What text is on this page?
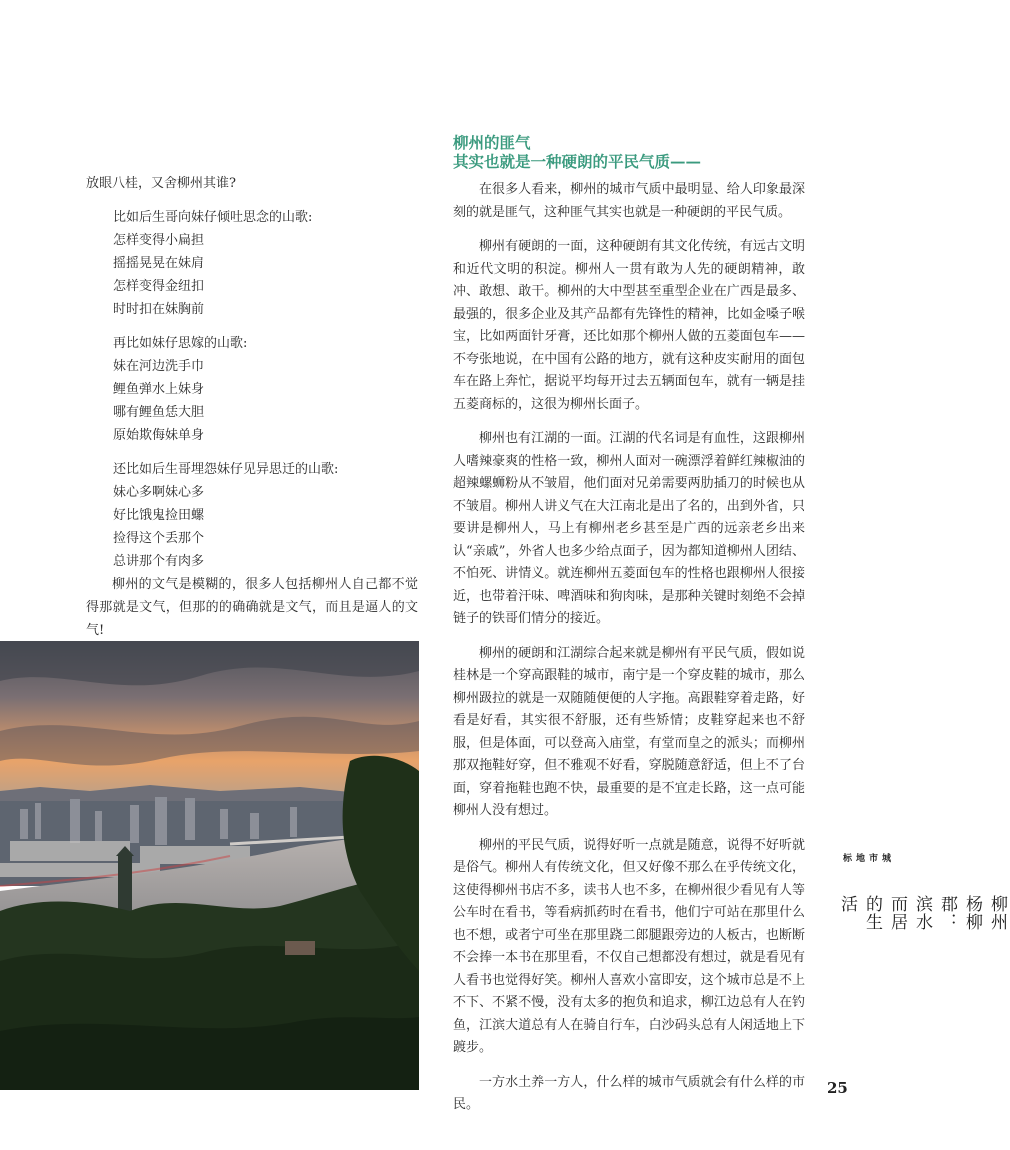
放眼八桂，又舍柳州其谁?

比如后生哥向妹仔倾吐思念的山歌:

怎样变得小扁担
摇摇晃晃在妹肩
怎样变得金纽扣
时时扣在妹胸前

再比如妹仔思嫁的山歌:

妹在河边洗手巾
鲤鱼弹水上妹身
哪有鲤鱼恁大胆
原始欺侮妹单身

还比如后生哥埋怨妹仔见异思迁的山歌:

妹心多啊妹心多
好比饿鬼捡田螺
捡得这个丢那个
总讲那个有肉多

柳州的文气是模糊的，很多人包括柳州人自己都不觉得那就是文气，但那的的确确就是文气，而且是逼人的文气!

柳州的匪气
其实也就是一种硬朗的平民气质——

在很多人看来，柳州的城市气质中最明显、给人印象最深刻的就是匪气，这种匪气其实也就是一种硬朗的平民气质。

柳州有硬朗的一面，这种硬朗有其文化传统，有远古文明和近代文明的积淀。柳州人一贯有敢为人先的硬朗精神，敢冲、敢想、敢干。柳州的大中型甚至重型企业在广西是最多、最强的，很多企业及其产品都有先锋性的精神，比如金嗓子喉宝，比如两面针牙膏，还比如那个柳州人做的五菱面包车——不夸张地说，在中国有公路的地方，就有这种皮实耐用的面包车在路上奔忙，据说平均每开过去五辆面包车，就有一辆是挂五菱商标的，这很为柳州长面子。

柳州也有江湖的一面。江湖的代名词是有血性，这跟柳州人嗜辣豪爽的性格一致，柳州人面对一碗漂浮着鲜红辣椒油的超辣螺蛳粉从不皱眉，他们面对兄弟需要两肋插刀的时候也从不皱眉。柳州人讲义气在大江南北是出了名的，出到外省，只要讲是柳州人，马上有柳州老乡甚至是广西的远亲老乡出来认“亲戚”，外省人也多少给点面子，因为都知道柳州人团结、不怕死、讲情义。就连柳州五菱面包车的性格也跟柳州人很接近，也带着汗味、啤酒味和狗肉味，是那种关键时刻绝不会掉链子的铁哥们情分的接近。

柳州的硬朗和江湖综合起来就是柳州有平民气质，假如说桂林是一个穿高跟鞋的城市，南宁是一个穿皮鞋的城市，那么柳州趿拉的就是一双随随便便的人字拖。高跟鞋穿着走路，好看是好看，其实很不舒服，还有些矫情；皮鞋穿起来也不舒服，但是体面，可以登高入庙堂，有堂而皇之的派头；而柳州那双拖鞋好穿，但不雅观不好看，穿脱随意舒适，但上不了台面，穿着拖鞋也跑不快，最重要的是不宜走长路，这一点可能柳州人没有想过。

柳州的平民气质，说得好听一点就是随意，说得不好听就是俗气。柳州人有传统文化，但又好像不那么在乎传统文化，这使得柳州书店不多，读书人也不多，在柳州很少看见有人等公车时在看书，等看病抓药时在看书，他们宁可站在那里什么也不想，或者宁可坐在那里跷二郎腿跟旁边的人板古，也断断不会捧一本书在那里看，不仅自己想都没有想过，就是看见有人看书也觉得好笑。柳州人喜欢小富即安，这个城市总是不上不下、不紧不慢，没有太多的抱负和追求，柳江边总有人在钓鱼，江滨大道总有人在骑自行车，白沙码头总有人闲适地上下踱步。

一方水土养一方人，什么样的城市气质就会有什么样的市民。

城市地标
柳州杨柳郡：滨水而居的生活
25
